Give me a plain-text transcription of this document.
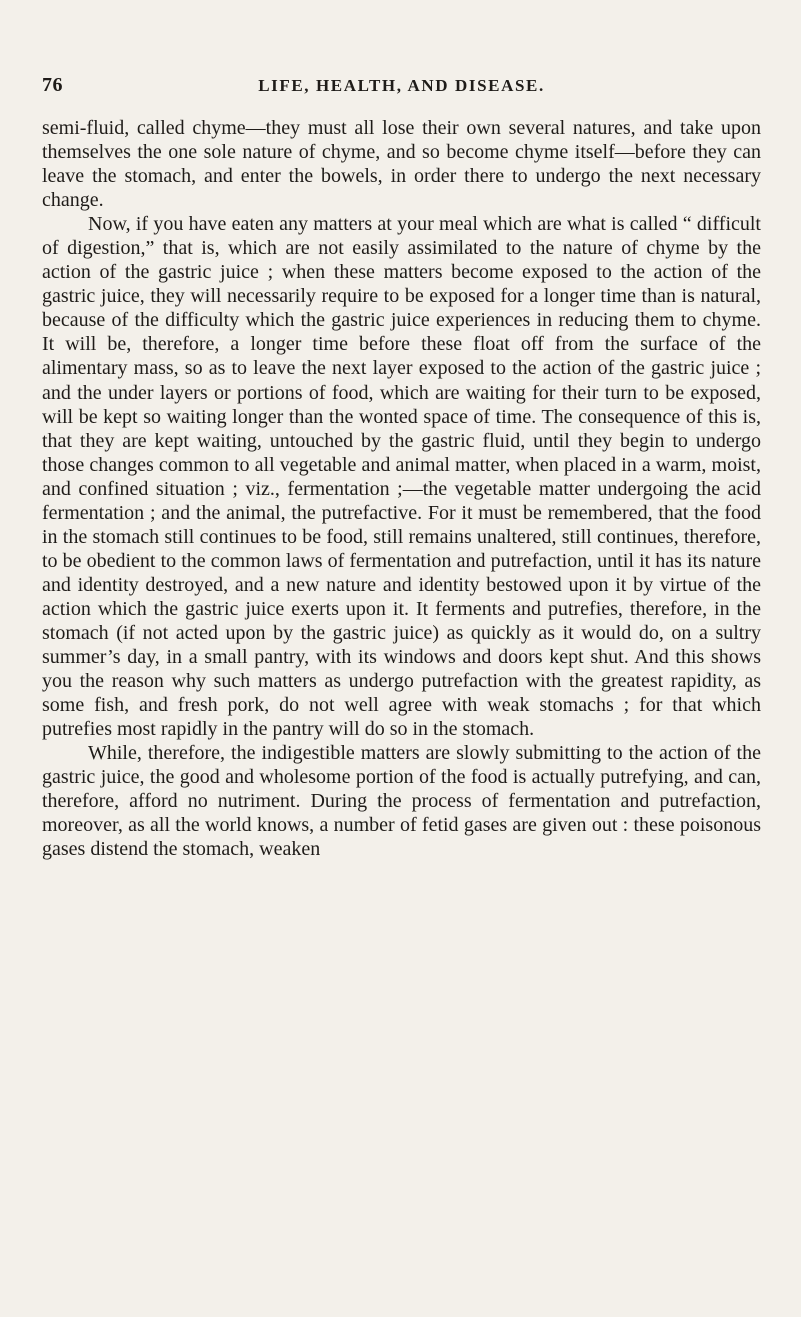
76	LIFE, HEALTH, AND DISEASE.

semi-fluid, called chyme—they must all lose their own several natures, and take upon themselves the one sole nature of chyme, and so become chyme itself—before they can leave the stomach, and enter the bowels, in order there to undergo the next necessary change.

Now, if you have eaten any matters at your meal which are what is called “ difficult of digestion,” that is, which are not easily assimilated to the nature of chyme by the action of the gastric juice ; when these matters become exposed to the action of the gastric juice, they will necessarily require to be exposed for a longer time than is natural, because of the difficulty which the gastric juice experiences in reducing them to chyme. It will be, therefore, a longer time before these float off from the surface of the alimentary mass, so as to leave the next layer exposed to the action of the gastric juice ; and the under layers or portions of food, which are waiting for their turn to be exposed, will be kept so waiting longer than the wonted space of time. The consequence of this is, that they are kept waiting, untouched by the gastric fluid, until they begin to undergo those changes common to all vegetable and animal matter, when placed in a warm, moist, and confined situation ; viz., fermentation ;—the vegetable matter undergoing the acid fermentation ; and the animal, the putrefactive. For it must be remembered, that the food in the stomach still continues to be food, still remains unaltered, still continues, therefore, to be obedient to the common laws of fermentation and putrefaction, until it has its nature and identity destroyed, and a new nature and identity bestowed upon it by virtue of the action which the gastric juice exerts upon it. It ferments and putrefies, therefore, in the stomach (if not acted upon by the gastric juice) as quickly as it would do, on a sultry summer’s day, in a small pantry, with its windows and doors kept shut. And this shows you the reason why such matters as undergo putrefaction with the greatest rapidity, as some fish, and fresh pork, do not well agree with weak stomachs ; for that which putrefies most rapidly in the pantry will do so in the stomach.

While, therefore, the indigestible matters are slowly submitting to the action of the gastric juice, the good and wholesome portion of the food is actually putrefying, and can, therefore, afford no nutriment. During the process of fermentation and putrefaction, moreover, as all the world knows, a number of fetid gases are given out : these poisonous gases distend the stomach, weaken
